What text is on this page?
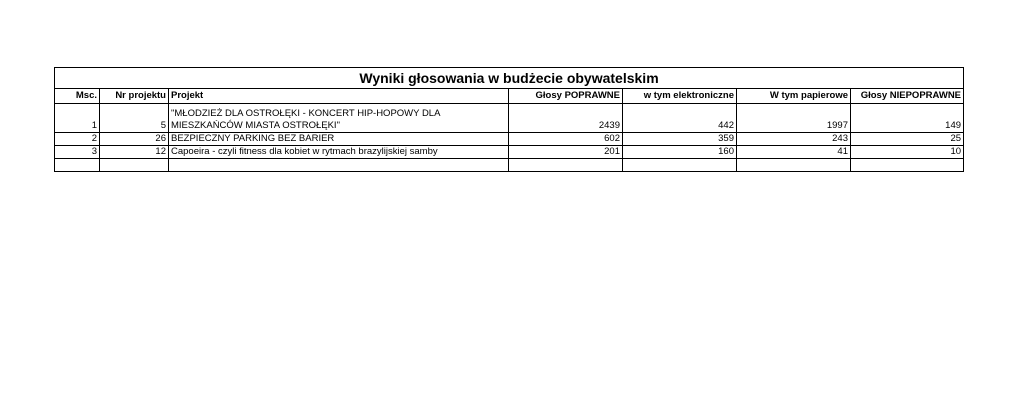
Wyniki głosowania w budżecie obywatelskim						
Msc.	Nr projektu	Projekt	Głosy POPRAWNE	w tym elektroniczne	W tym papierowe	Głosy NIEPOPRAWNE
1	5	"MŁODZIEŻ DLA OSTROŁĘKI - KONCERT HIP-HOPOWY DLA
MIESZKAŃCÓW MIASTA OSTROŁĘKI"	2439	442	1997	149
2	26	BEZPIECZNY PARKING BEZ BARIER	602	359	243	25
3	12	Capoeira - czyli fitness dla kobiet w rytmach brazylijskiej samby	201	160	41	10
